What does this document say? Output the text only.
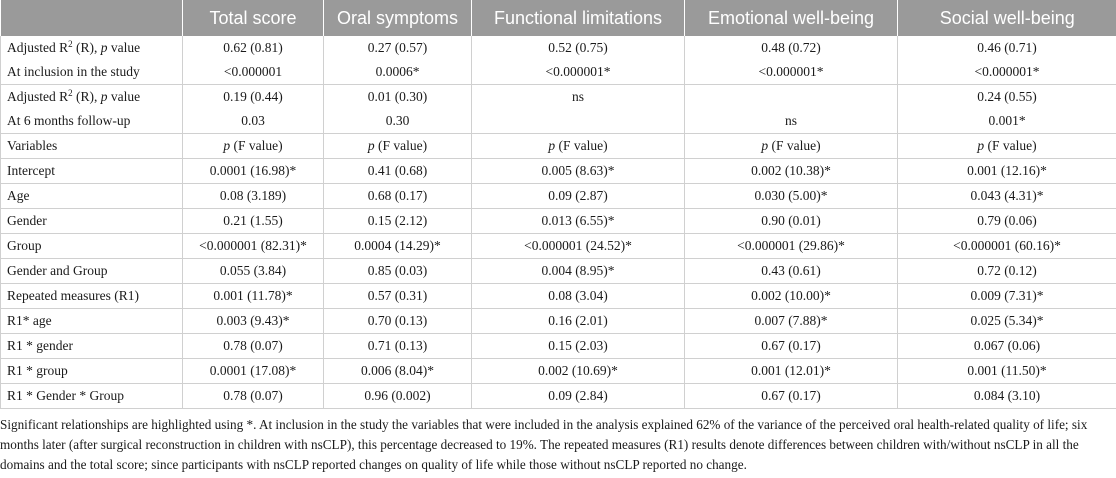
	Total score	Oral symptoms	Functional limitations	Emotional well-being	Social well-being
Adjusted $R^2$ (R), p value	0.62 (0.81)	0.27 (0.57)	0.52 (0.75)	0.48 (0.72)	0.46 (0.71)
At inclusion in the study	<0.000001	0.0006*	<0.000001*	<0.000001*	<0.000001*
Adjusted $R^2$ (R), p value	0.19 (0.44)	0.01 (0.30)	ns		0.24 (0.55)
At 6 months follow-up	0.03	0.30		ns	0.001*
Variables	p (F value)	p (F value)	p (F value)	p (F value)	p (F value)
Intercept	0.0001 (16.98)*	0.41 (0.68)	0.005 (8.63)*	0.002 (10.38)*	0.001 (12.16)*
Age	0.08 (3.189)	0.68 (0.17)	0.09 (2.87)	0.030 (5.00)*	0.043 (4.31)*
Gender	0.21 (1.55)	0.15 (2.12)	0.013 (6.55)*	0.90 (0.01)	0.79 (0.06)
Group	<0.000001 (82.31)*	0.0004 (14.29)*	<0.000001 (24.52)*	<0.000001 (29.86)*	<0.000001 (60.16)*
Gender and Group	0.055 (3.84)	0.85 (0.03)	0.004 (8.95)*	0.43 (0.61)	0.72 (0.12)
Repeated measures (R1)	0.001 (11.78)*	0.57 (0.31)	0.08 (3.04)	0.002 (10.00)*	0.009 (7.31)*
R1* age	0.003 (9.43)*	0.70 (0.13)	0.16 (2.01)	0.007 (7.88)*	0.025 (5.34)*
R1 * gender	0.78 (0.07)	0.71 (0.13)	0.15 (2.03)	0.67 (0.17)	0.067 (0.06)
R1 * group	0.0001 (17.08)*	0.006 (8.04)*	0.002 (10.69)*	0.001 (12.01)*	0.001 (11.50)*
R1 * Gender * Group	0.78 (0.07)	0.96 (0.002)	0.09 (2.84)	0.67 (0.17)	0.084 (3.10)
Significant relationships are highlighted using *. At inclusion in the study the variables that were included in the analysis explained 62% of the variance of the perceived oral health-related quality of life; six months later (after surgical reconstruction in children with nsCLP), this percentage decreased to 19%. The repeated measures (R1) results denote differences between children with/without nsCLP in all the domains and the total score; since participants with nsCLP reported changes on quality of life while those without nsCLP reported no change.
